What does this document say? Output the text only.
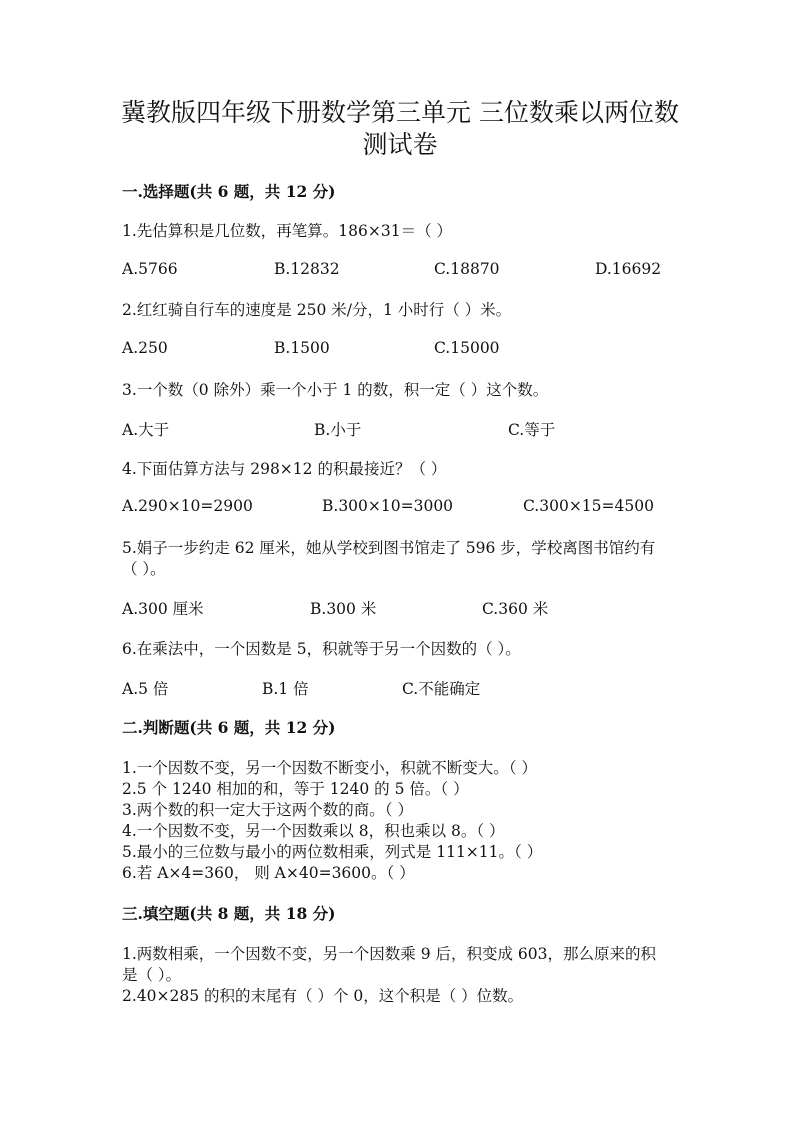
冀教版四年级下册数学第三单元 三位数乘以两位数
测试卷
一.选择题(共 6 题，共 12 分)
1.先估算积是几位数，再笔算。186×31＝（ ）
A.5766	B.12832	C.18870	D.16692
2.红红骑自行车的速度是 250 米/分，1 小时行（ ）米。
A.250	B.1500	C.15000
3.一个数（0 除外）乘一个小于 1 的数，积一定（ ）这个数。
A.大于	B.小于	C.等于
4.下面估算方法与 298×12 的积最接近？（ ）
A.290×10=2900	B.300×10=3000	C.300×15=4500
5.娟子一步约走 62 厘米，她从学校到图书馆走了 596 步，学校离图书馆约有
（ ）。
A.300 厘米	B.300 米	C.360 米
6.在乘法中，一个因数是 5，积就等于另一个因数的（ ）。
A.5 倍	B.1 倍	C.不能确定
二.判断题(共 6 题，共 12 分)
1.一个因数不变，另一个因数不断变小，积就不断变大。（ ）
2.5 个 1240 相加的和，等于 1240 的 5 倍。（ ）
3.两个数的积一定大于这两个数的商。（ ）
4.一个因数不变，另一个因数乘以 8，积也乘以 8。（ ）
5.最小的三位数与最小的两位数相乘，列式是 111×11。（ ）
6.若 A×4=360， 则 A×40=3600。（ ）
三.填空题(共 8 题，共 18 分)
1.两数相乘，一个因数不变，另一个因数乘 9 后，积变成 603，那么原来的积
是（ ）。
2.40×285 的积的末尾有（ ）个 0，这个积是（ ）位数。
